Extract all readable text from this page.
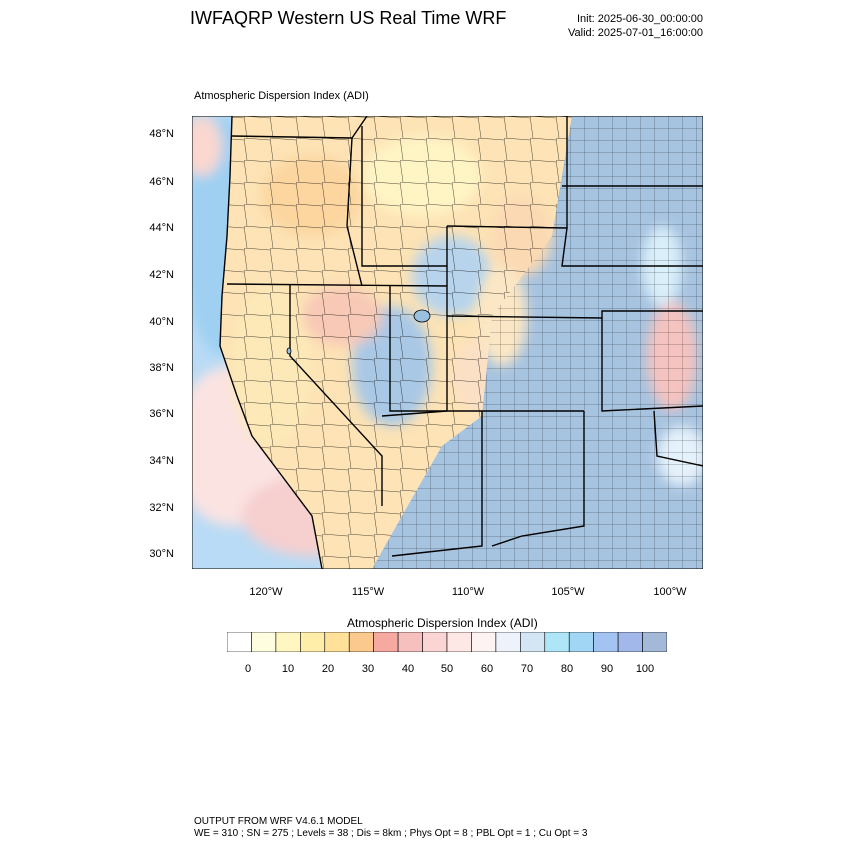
IWFAQRP Western US Real Time WRF	Init: 2025-06-30_00:00:00
Valid: 2025-07-01_16:00:00
Atmospheric Dispersion Index (ADI)
48°N
46°N
44°N
42°N
40°N
38°N
36°N
34°N
32°N
30°N
120°W	115°W	110°W	105°W	100°W
Atmospheric Dispersion Index (ADI)
0	10	20	30	40	50	60	70	80	90	100
OUTPUT FROM WRF V4.6.1 MODEL
WE = 310 ; SN = 275 ; Levels = 38 ; Dis = 8km ; Phys Opt = 8 ; PBL Opt = 1 ; Cu Opt = 3
